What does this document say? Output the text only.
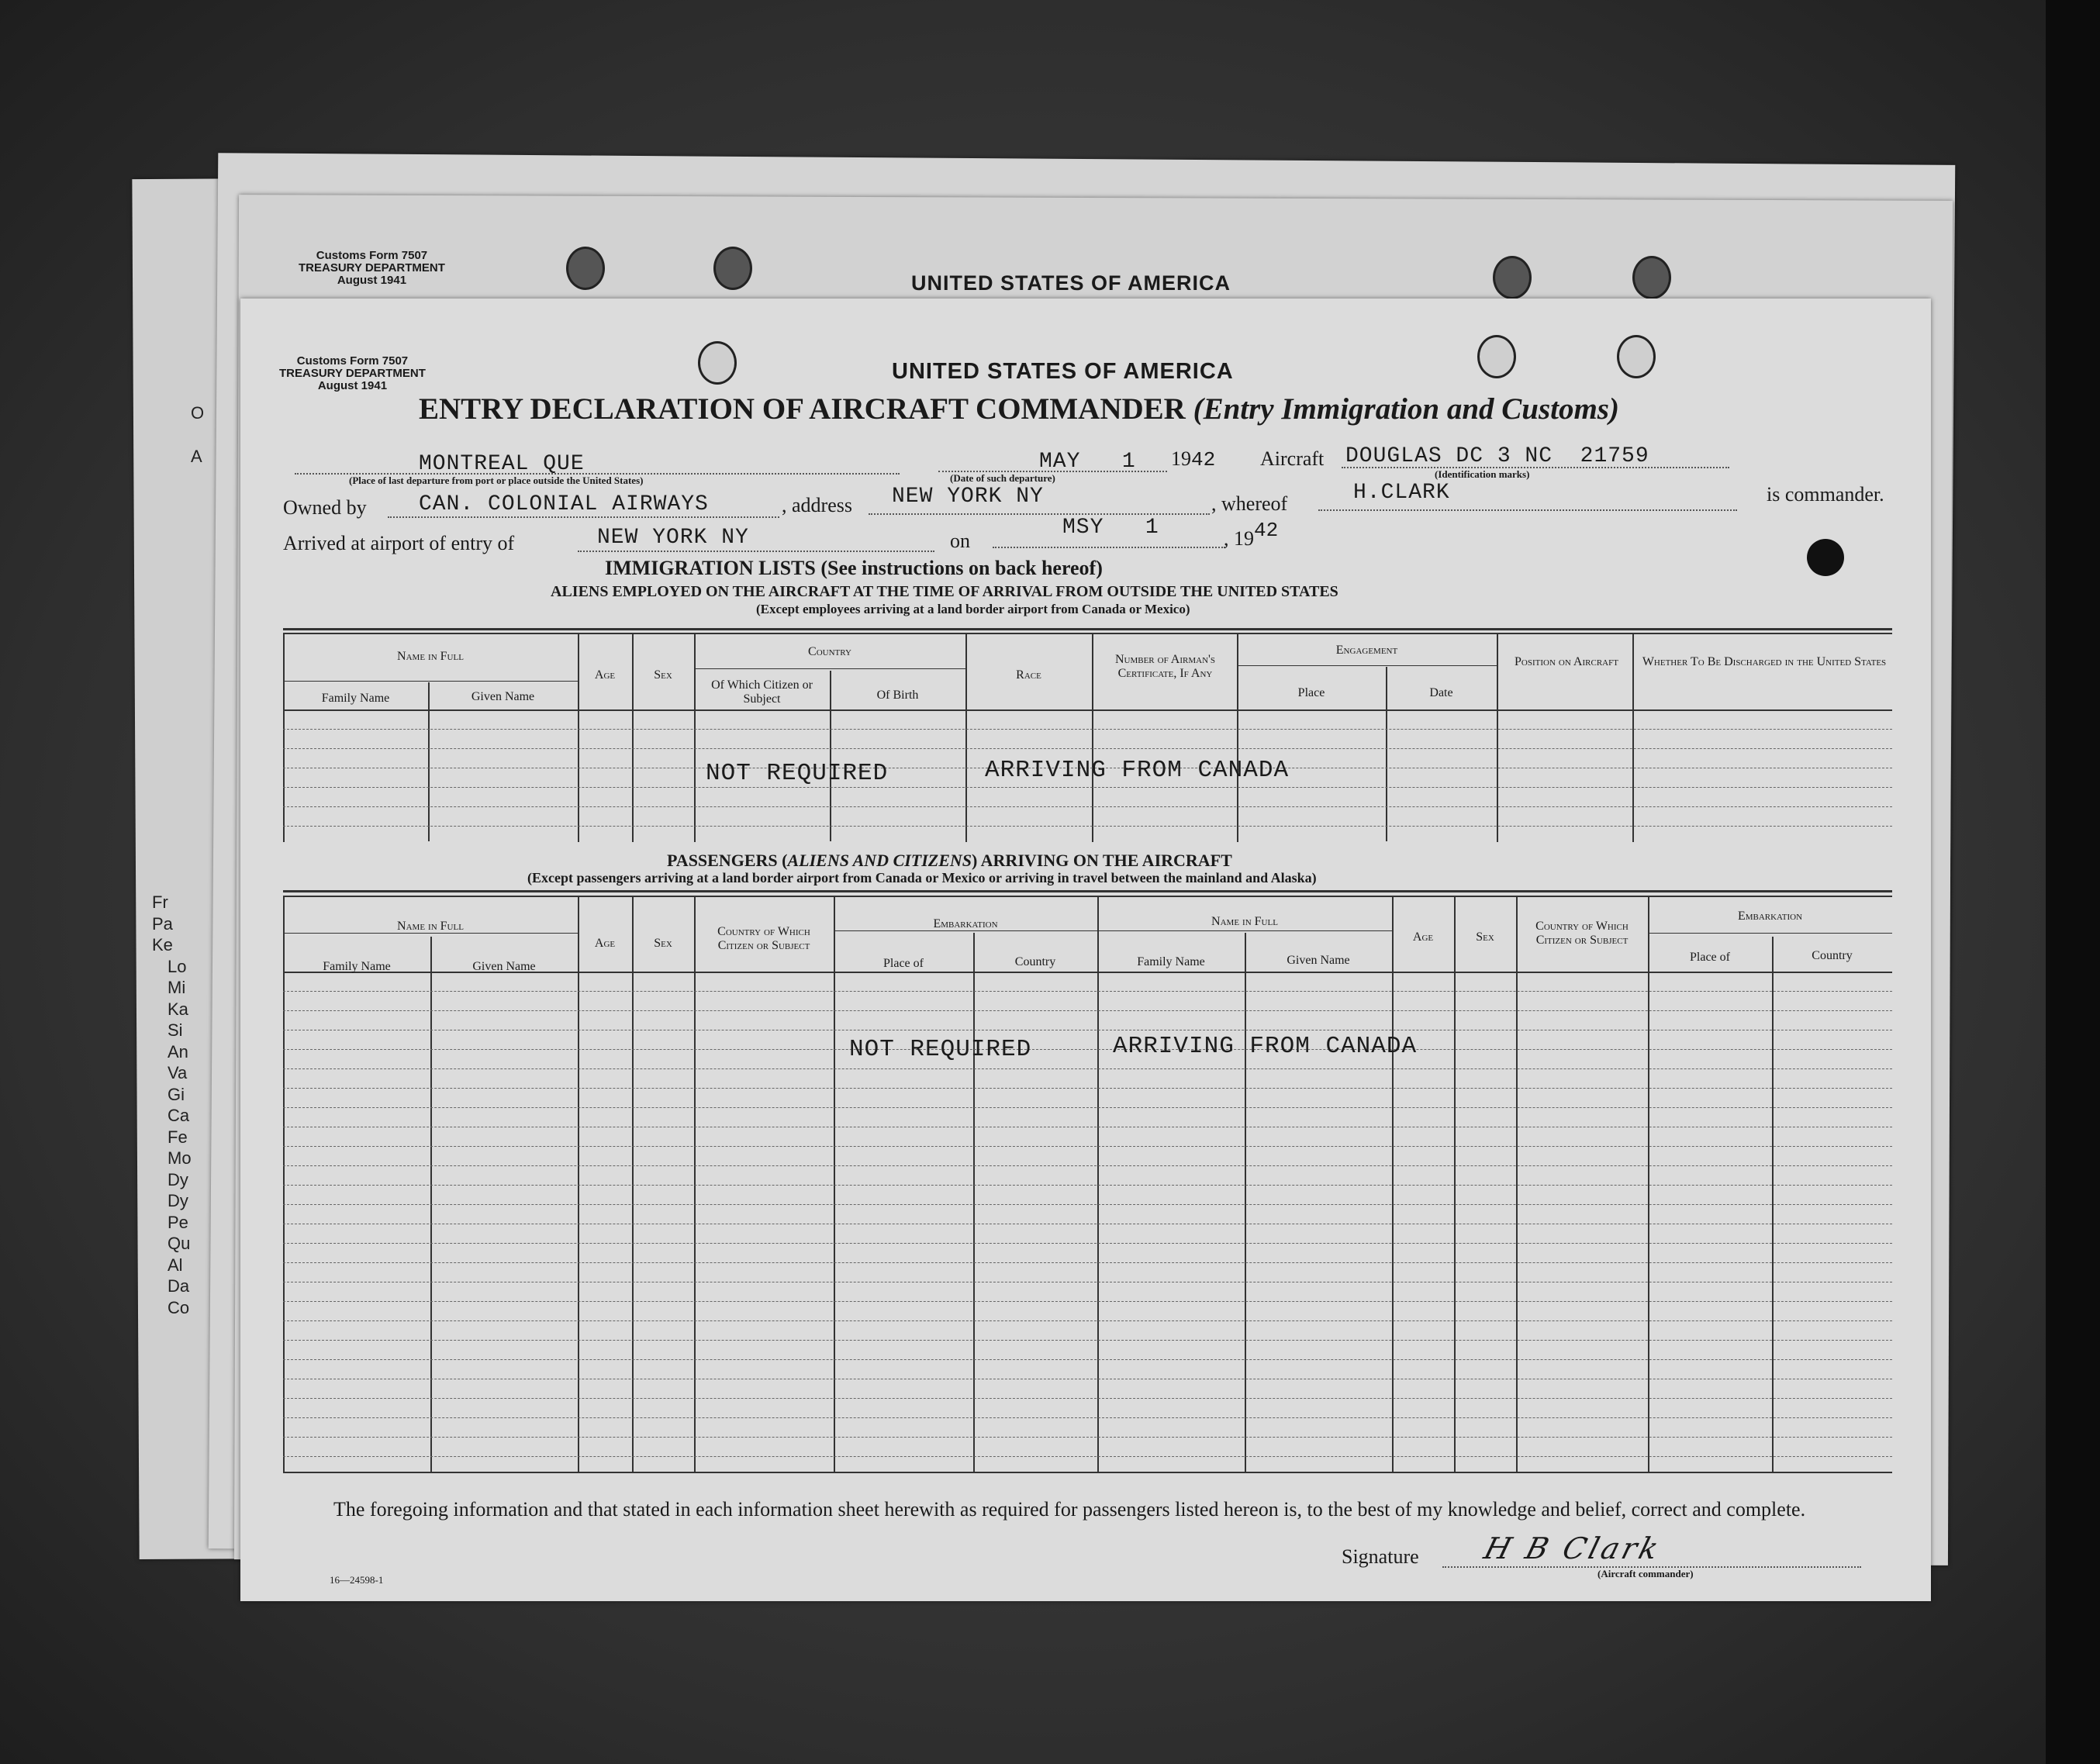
O
A
Fr
Pa
Ke
Lo
Mi
Ka
Si
An
Va
Gi
Ca
Fe
Mo
Dy
Dy
Pe
Qu
Al
Da
Co
Customs Form 7507
TREASURY DEPARTMENT
August 1941	UNITED STATES OF AMERICA
Customs Form 7507
TREASURY DEPARTMENT
August 1941
UNITED STATES OF AMERICA
ENTRY DECLARATION OF AIRCRAFT COMMANDER (Entry Immigration and Customs)
MONTREAL QUE
(Place of last departure from port or place outside the United States)
MAY   1
(Date of such departure)
1942 Aircraft DOUGLAS DC 3 NC  21759
(Identification marks)
Owned by CAN. COLONIAL AIRWAYS	, address NEW YORK NY	, whereof	H.CLARK	is commander.
Arrived at airport of entry of	NEW YORK NY	on
MSY   1	, 1942
IMMIGRATION LISTS (See instructions on back hereof)
ALIENS EMPLOYED ON THE AIRCRAFT AT THE TIME OF ARRIVAL FROM OUTSIDE THE UNITED STATES
(Except employees arriving at a land border airport from Canada or Mexico)
Name in Full
Family Name	Given Name
Age	Sex
Country
Of Which Citizen or Subject	Of Birth
Race
Number of Airman's Certificate, If Any
Engagement
Place	Date
Position on Aircraft	Whether To Be Discharged in the United States
NOT REQUIRED	ARRIVING FROM CANADA
PASSENGERS (ALIENS AND CITIZENS) ARRIVING ON THE AIRCRAFT
(Except passengers arriving at a land border airport from Canada or Mexico or arriving in travel between the mainland and Alaska)
Name in Full
Family Name	Given Name
Age	Sex
Country of Which Citizen or Subject
Embarkation
Place of	Country
Name in Full
Family Name	Given Name
Age	Sex
Country of Which Citizen or Subject
Embarkation
Place of	Country
NOT REQUIRED	ARRIVING FROM CANADA
The foregoing information and that stated in each information sheet herewith as required for passengers listed hereon is, to the best of my knowledge and belief, correct and complete.
Signature H B Clark
(Aircraft commander)
16—24598-1
